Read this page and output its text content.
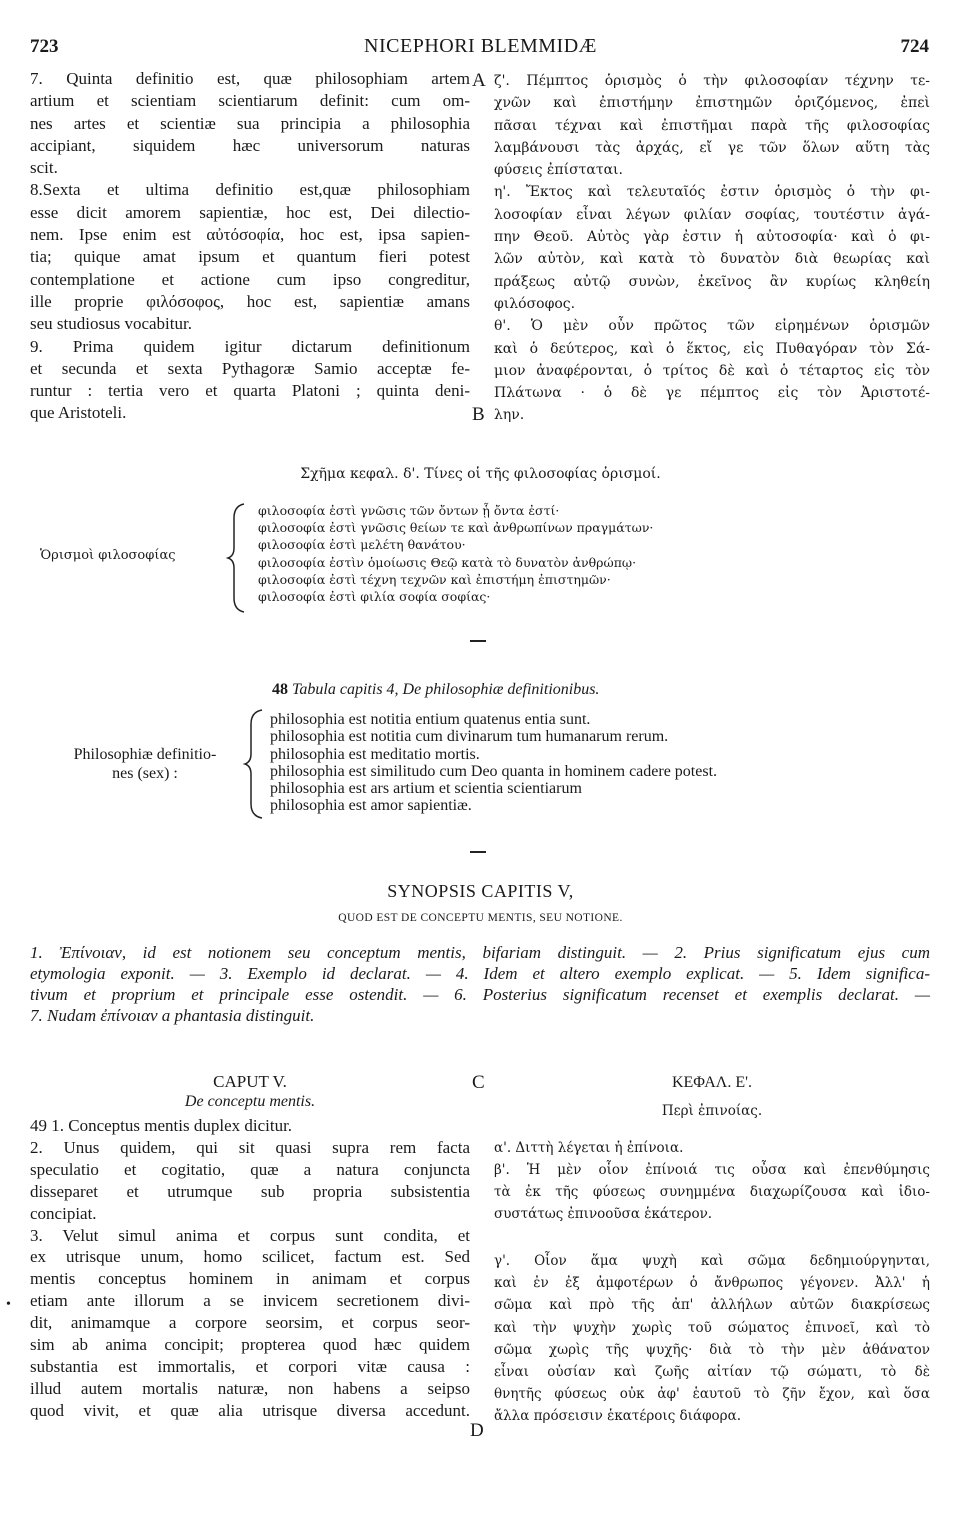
723	NICEPHORI BLEMMIDÆ	724
7. Quinta definitio est, quæ philosophiam artem
artium et scientiam scientiarum definit: cum om-
nes artes et scientiæ sua principia a philosophia
accipiant, siquidem hæc universorum naturas
scit.
8.Sexta et ultima definitio est,quæ philosophiam
esse dicit amorem sapientiæ, hoc est, Dei dilectio-
nem. Ipse enim est αὐτόσοφία, hoc est, ipsa sapien-
tia; quique amat ipsum et quantum fieri potest
contemplatione et actione cum ipso congreditur,
ille proprie φιλόσοφος, hoc est, sapientiæ amans
seu studiosus vocabitur.
9. Prima quidem igitur dictarum definitionum
et secunda et sexta Pythagoræ Samio acceptæ fe-
runtur : tertia vero et quarta Platoni ; quinta deni-
que Aristoteli.
A
B
ζ'. Πέμπτος ὁρισμὸς ὁ τὴν φιλοσοφίαν τέχνην τε-
χνῶν καὶ ἐπιστήμην ἐπιστημῶν ὁριζόμενος, ἐπεὶ
πᾶσαι τέχναι καὶ ἐπιστῆμαι παρὰ τῆς φιλοσοφίας
λαμβάνουσι τὰς ἀρχάς, εἴ γε τῶν ὅλων αὕτη τὰς
φύσεις ἐπίσταται.
η'. Ἔκτος καὶ τελευταῖός ἐστιν ὁρισμὸς ὁ τὴν φι-
λοσοφίαν εἶναι λέγων φιλίαν σοφίας, τουτέστιν ἀγά-
πην Θεοῦ. Αὐτὸς γὰρ ἐστιν ἡ αὐτοσοφία· καὶ ὁ φι-
λῶν αὐτὸν, καὶ κατὰ τὸ δυνατὸν διὰ θεωρίας καὶ
πράξεως αὐτῷ συνὼν, ἐκεῖνος ἂν κυρίως κληθείη
φιλόσοφος.
θ'. Ὁ μὲν οὖν πρῶτος τῶν εἰρημένων ὁρισμῶν
καὶ ὁ δεύτερος, καὶ ὁ ἕκτος, εἰς Πυθαγόραν τὸν Σά-
μιον ἀναφέρονται, ὁ τρίτος δὲ καὶ ὁ τέταρτος εἰς τὸν
Πλάτωνα · ὁ δὲ γε πέμπτος εἰς τὸν Ἀριστοτέ-
λην.
Σχῆμα κεφαλ. δ'. Τίνες οἱ τῆς φιλοσοφίας ὁρισμοί.
Ὁρισμοὶ φιλοσοφίας
φιλοσοφία ἐστὶ γνῶσις τῶν ὄντων ᾗ ὄντα ἐστί·
φιλοσοφία ἐστὶ γνῶσις θείων τε καὶ ἀνθρωπίνων πραγμάτων·
φιλοσοφία ἐστὶ μελέτη θανάτου·
φιλοσοφία ἐστὶν ὁμοίωσις Θεῷ κατὰ τὸ δυνατὸν ἀνθρώπῳ·
φιλοσοφία ἐστὶ τέχνη τεχνῶν καὶ ἐπιστήμη ἐπιστημῶν·
φιλοσοφία ἐστὶ φιλία σοφία σοφίας·
48 Tabula capitis 4, De philosophiæ definitionibus.
Philosophiæ definitio-
nes (sex) :
philosophia est notitia entium quatenus entia sunt.
philosophia est notitia cum divinarum tum humanarum rerum.
philosophia est meditatio mortis.
philosophia est similitudo cum Deo quanta in hominem cadere potest.
philosophia est ars artium et scientia scientiarum
philosophia est amor sapientiæ.
SYNOPSIS CAPITIS V,
QUOD EST DE CONCEPTU MENTIS, SEU NOTIONE.
1. Ἐπίνοιαν, id est notionem seu conceptum mentis, bifariam distinguit. — 2. Prius significatum ejus cum
etymologia exponit. — 3. Exemplo id declarat. — 4. Idem et altero exemplo explicat. — 5. Idem significa-
tivum et proprium et principale esse ostendit. — 6. Posterius significatum recenset et exemplis declarat. —
7. Nudam ἐπίνοιαν a phantasia distinguit.
CAPUT V.
De conceptu mentis.
C	ΚΕΦΑΛ. Ε'.
Περὶ ἐπινοίας.
49 1. Conceptus mentis duplex dicitur.
2. Unus quidem, qui sit quasi supra rem facta
speculatio et cogitatio, quæ a natura conjuncta
disseparet et utrumque sub propria subsistentia
concipiat.
3. Velut simul anima et corpus sunt condita, et
ex utrisque unum, homo scilicet, factum est. Sed
mentis conceptus hominem in animam et corpus
etiam ante illorum a se invicem secretionem divi-
dit, animamque a corpore seorsim, et corpus seor-
sim ab anima concipit; propterea quod hæc quidem
substantia est immortalis, et corpori vitæ causa :
illud autem mortalis naturæ, non habens a seipso
quod vivit, et quæ alia utrisque diversa accedunt.
•
D
α'. Διττὴ λέγεται ἡ ἐπίνοια.
β'. Ἡ μὲν οἷον ἐπίνοιά τις οὖσα καὶ ἐπενθύμησις
τὰ ἐκ τῆς φύσεως συνημμένα διαχωρίζουσα καὶ ἰδιο-
συστάτως ἐπινοοῦσα ἑκάτερον.
γ'. Οἷον ἅμα ψυχὴ καὶ σῶμα δεδημιούργηνται,
καὶ ἐν ἐξ ἀμφοτέρων ὁ ἄνθρωπος γέγονεν. Ἀλλ' ἡ
σῶμα καὶ πρὸ τῆς ἀπ' ἀλλήλων αὐτῶν διακρίσεως
καὶ τὴν ψυχὴν χωρὶς τοῦ σώματος ἐπινοεῖ, καὶ τὸ
σῶμα χωρὶς τῆς ψυχῆς· διὰ τὸ τὴν μὲν ἀθάνατον
εἶναι οὐσίαν καὶ ζωῆς αἰτίαν τῷ σώματι, τὸ δὲ
θνητῆς φύσεως οὐκ ἀφ' ἑαυτοῦ τὸ ζῆν ἔχον, καὶ ὅσα
ἄλλα πρόσεισιν ἑκατέροις διάφορα.
